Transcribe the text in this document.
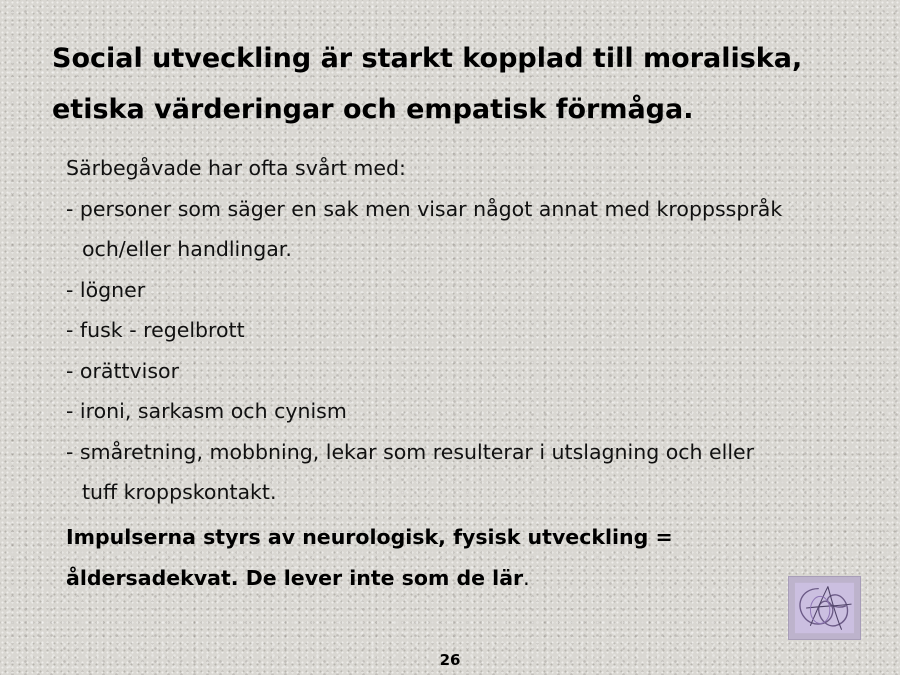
Social utveckling är starkt kopplad till moraliska,
etiska värderingar och empatisk förmåga.
Särbegåvade har ofta svårt med:
- personer som säger en sak men visar något annat med kroppsspråk
och/eller handlingar.
- lögner
- fusk - regelbrott
- orättvisor
- ironi, sarkasm och cynism
- småretning, mobbning, lekar som resulterar i utslagning och eller
tuff kroppskontakt.
Impulserna styrs av neurologisk, fysisk utveckling =
åldersadekvat. De lever inte som de lär.
26
